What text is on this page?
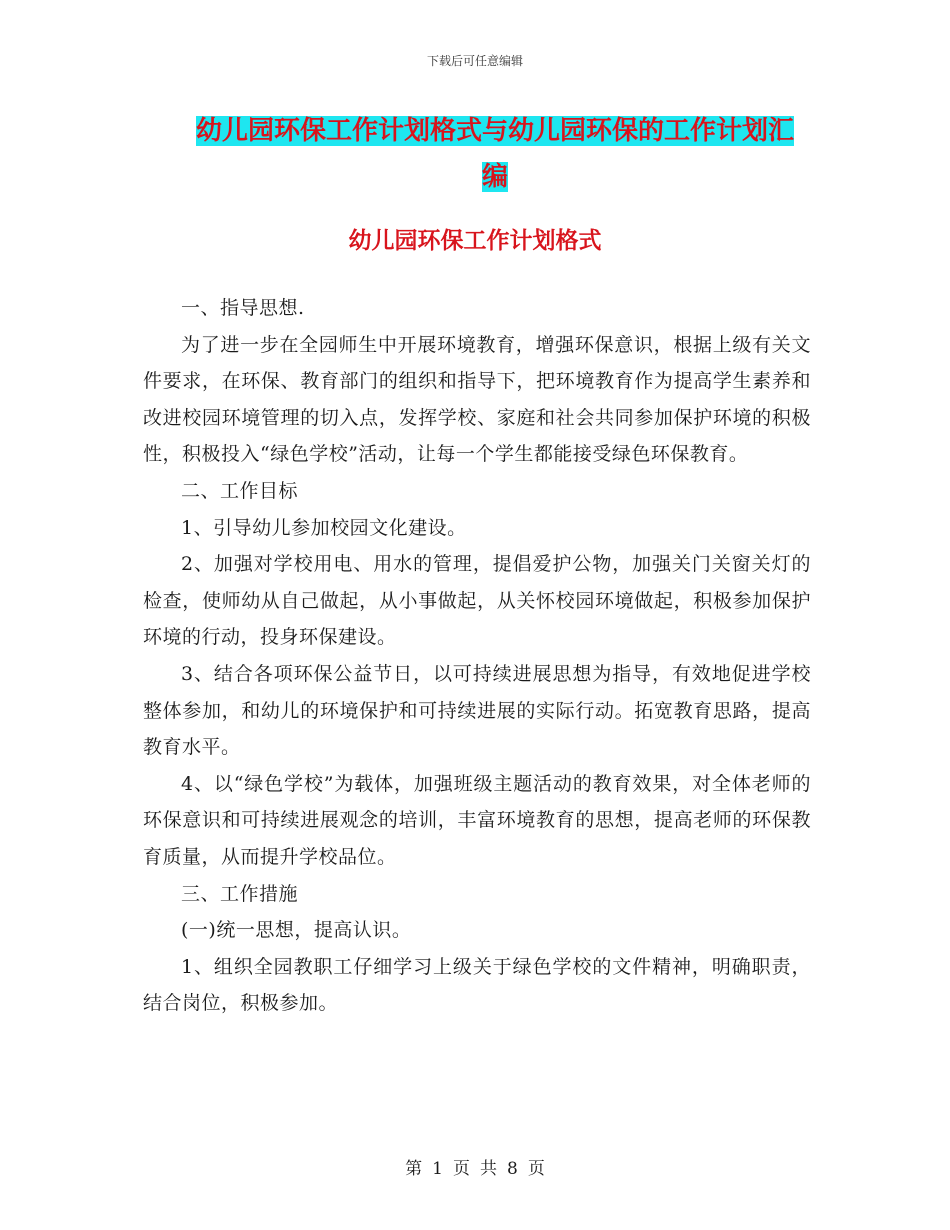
下载后可任意编辑
幼儿园环保工作计划格式与幼儿园环保的工作计划汇
编
幼儿园环保工作计划格式

一、指导思想.

为了进一步在全园师生中开展环境教育，增强环保意识，根据上级有关文件要求，在环保、教育部门的组织和指导下，把环境教育作为提高学生素养和改进校园环境管理的切入点，发挥学校、家庭和社会共同参加保护环境的积极性，积极投入“绿色学校”活动，让每一个学生都能接受绿色环保教育。

二、工作目标

1、引导幼儿参加校园文化建设。

2、加强对学校用电、用水的管理，提倡爱护公物，加强关门关窗关灯的检查，使师幼从自己做起，从小事做起，从关怀校园环境做起，积极参加保护环境的行动，投身环保建设。

3、结合各项环保公益节日，以可持续进展思想为指导，有效地促进学校整体参加，和幼儿的环境保护和可持续进展的实际行动。拓宽教育思路，提高教育水平。

4、以“绿色学校”为载体，加强班级主题活动的教育效果，对全体老师的环保意识和可持续进展观念的培训，丰富环境教育的思想，提高老师的环保教育质量，从而提升学校品位。

三、工作措施

(一)统一思想，提高认识。

1、组织全园教职工仔细学习上级关于绿色学校的文件精神，明确职责，结合岗位，积极参加。

第 1 页 共 8 页
